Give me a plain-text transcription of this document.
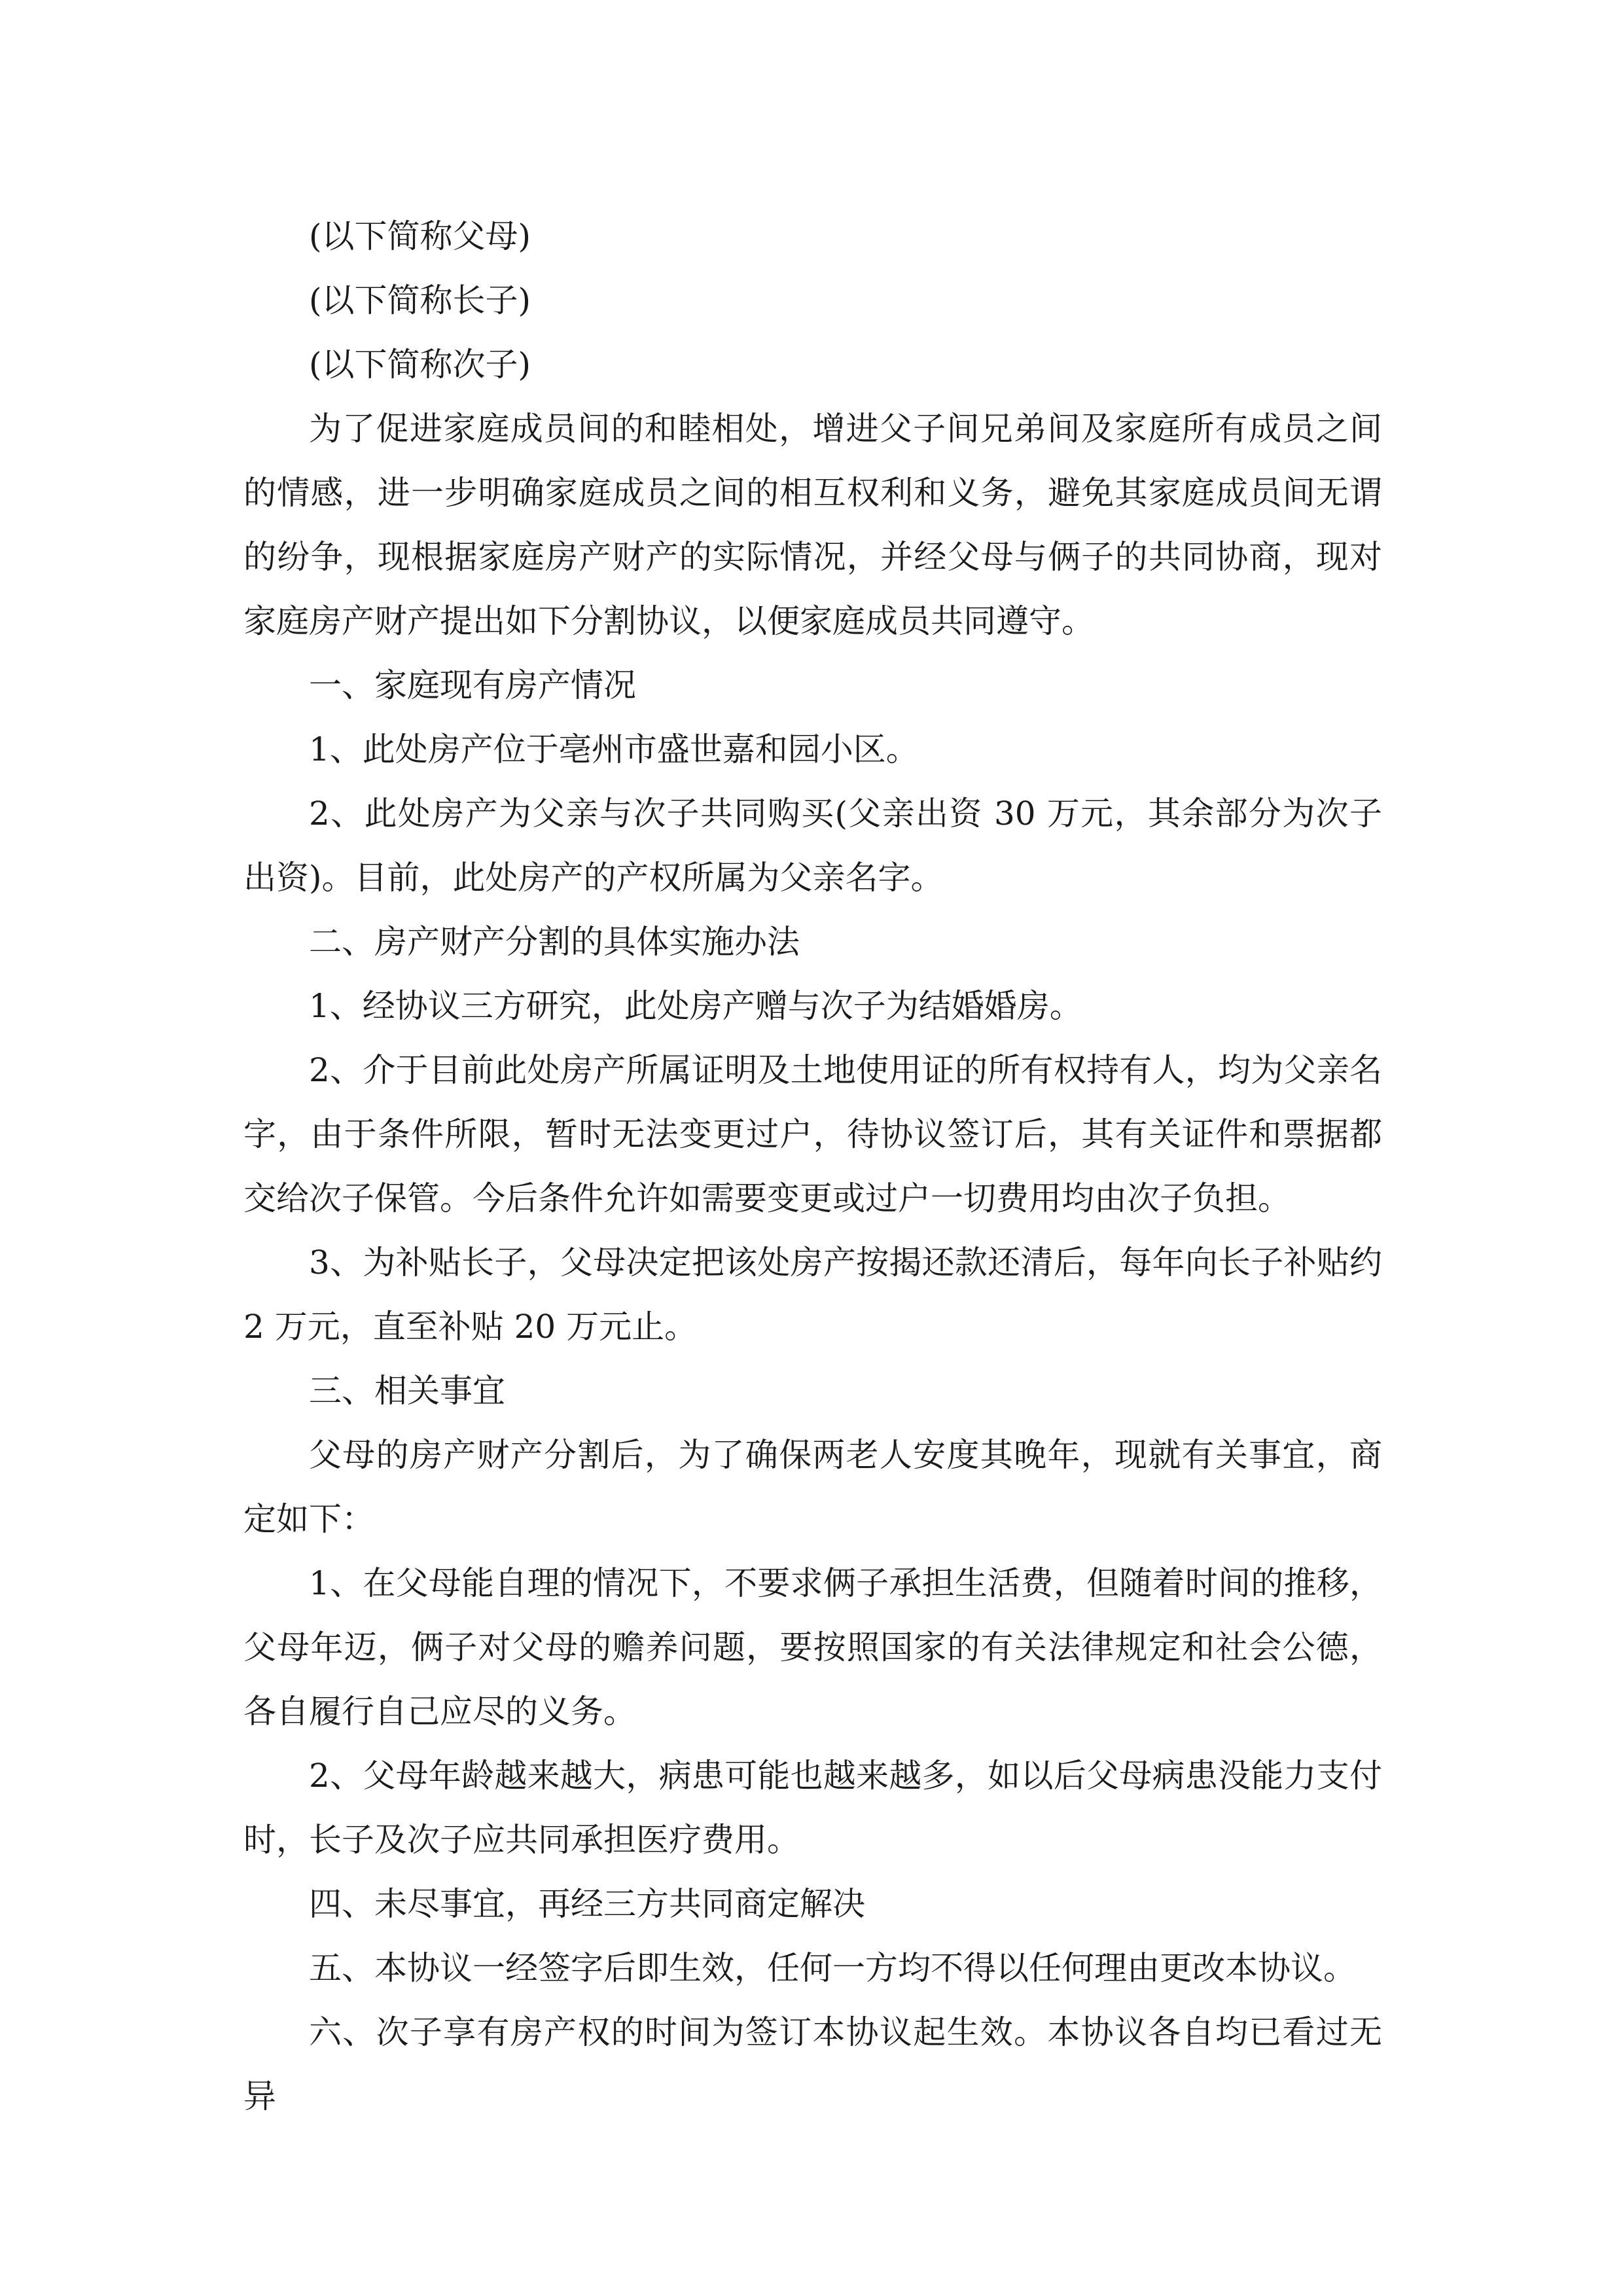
(以下简称父母)

(以下简称长子)

(以下简称次子)

为了促进家庭成员间的和睦相处，增进父子间兄弟间及家庭所有成员之间的情感，进一步明确家庭成员之间的相互权利和义务，避免其家庭成员间无谓的纷争，现根据家庭房产财产的实际情况，并经父母与俩子的共同协商，现对家庭房产财产提出如下分割协议，以便家庭成员共同遵守。

一、家庭现有房产情况

1、此处房产位于亳州市盛世嘉和园小区。

2、此处房产为父亲与次子共同购买(父亲出资 30 万元，其余部分为次子出资)。目前，此处房产的产权所属为父亲名字。

二、房产财产分割的具体实施办法

1、经协议三方研究，此处房产赠与次子为结婚婚房。

2、介于目前此处房产所属证明及土地使用证的所有权持有人，均为父亲名字，由于条件所限，暂时无法变更过户，待协议签订后，其有关证件和票据都交给次子保管。今后条件允许如需要变更或过户一切费用均由次子负担。

3、为补贴长子，父母决定把该处房产按揭还款还清后，每年向长子补贴约 2 万元，直至补贴 20 万元止。

三、相关事宜

父母的房产财产分割后，为了确保两老人安度其晚年，现就有关事宜，商定如下：

1、在父母能自理的情况下，不要求俩子承担生活费，但随着时间的推移，父母年迈，俩子对父母的赡养问题，要按照国家的有关法律规定和社会公德，各自履行自己应尽的义务。

2、父母年龄越来越大，病患可能也越来越多，如以后父母病患没能力支付时，长子及次子应共同承担医疗费用。

四、未尽事宜，再经三方共同商定解决

五、本协议一经签字后即生效，任何一方均不得以任何理由更改本协议。

六、次子享有房产权的时间为签订本协议起生效。本协议各自均已看过无异
